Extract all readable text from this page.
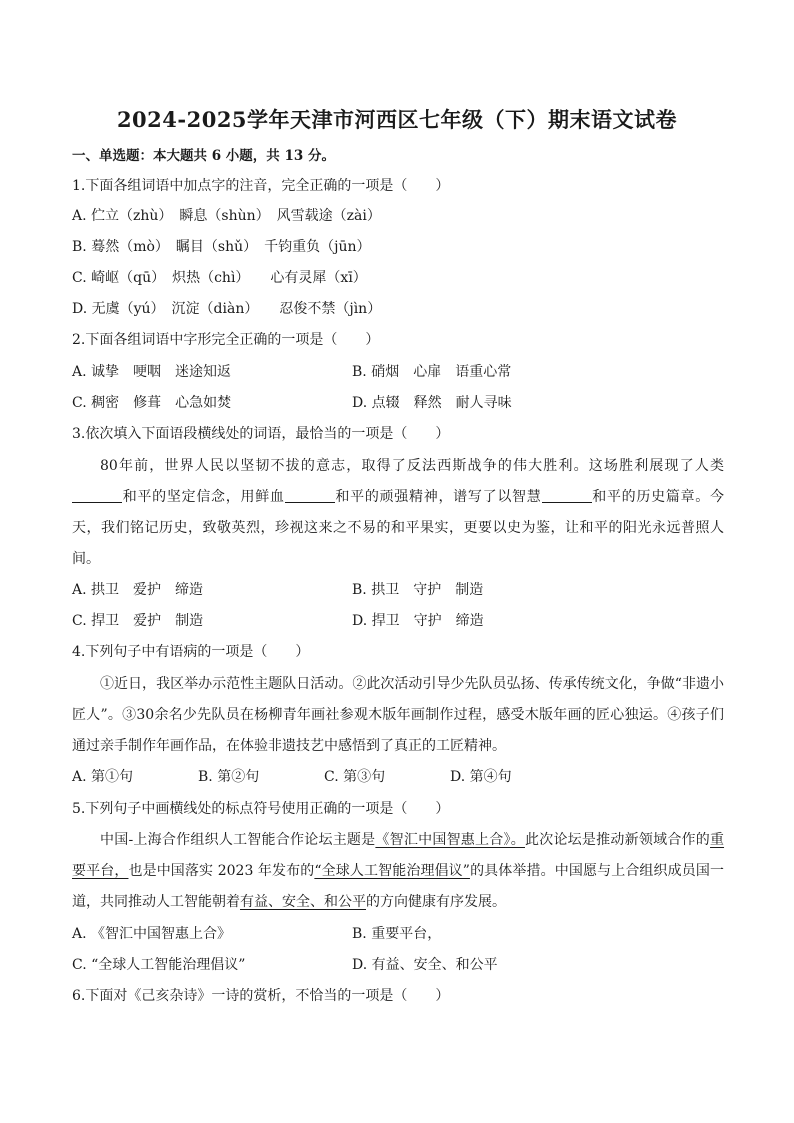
2024-2025学年天津市河西区七年级（下）期末语文试卷
一、单选题：本大题共 6 小题，共 13 分。
1.下面各组词语中加点字的注音，完全正确的一项是（　　）
A. 伫立（zhù）　瞬息（shùn）　风雪载途（zài）
B. 蓦然（mò）　瞩目（shǔ）　千钧重负（jūn）
C. 崎岖（qū）　炽热（chì）　　心有灵犀（xī）
D. 无虞（yú）　沉淀（diàn）　　忍俊不禁（jìn）
2.下面各组词语中字形完全正确的一项是（　　）
A. 诚挚　哽咽　迷途知返	B. 硝烟　心扉　语重心常
C. 稠密　修葺　心急如焚	D. 点辍　释然　耐人寻味
3.依次填入下面语段横线处的词语，最恰当的一项是（　　）
80年前，世界人民以坚韧不拔的意志，取得了反法西斯战争的伟大胜利。这场胜利展现了人类和平的坚定信念，用鲜血	和平的顽强精神，谱写了以智慧	和平的历史篇章。今天，我们铭记历史，致敬英烈，珍视这来之不易的和平果实，更要以史为鉴，让和平的阳光永远普照人间。
A. 拱卫　爱护　缔造	B. 拱卫　守护　制造
C. 捍卫　爱护　制造	D. 捍卫　守护　缔造
4.下列句子中有语病的一项是（　　）
①近日，我区举办示范性主题队日活动。②此次活动引导少先队员弘扬、传承传统文化，争做“非遗小匠人”。③30余名少先队员在杨柳青年画社参观木版年画制作过程，感受木版年画的匠心独运。④孩子们通过亲手制作年画作品，在体验非遗技艺中感悟到了真正的工匠精神。
A. 第①句	B. 第②句	C. 第③句	D. 第④句
5.下列句子中画横线处的标点符号使用正确的一项是（　　）
中国-上海合作组织人工智能合作论坛主题是《智汇中国智惠上合》。此次论坛是推动新领域合作的重要平台，也是中国落实 2023 年发布的“全球人工智能治理倡议”的具体举措。中国愿与上合组织成员国一道，共同推动人工智能朝着有益、安全、和公平的方向健康有序发展。
A. 《智汇中国智惠上合》	B. 重要平台，
C. “全球人工智能治理倡议”	D. 有益、安全、和公平
6.下面对《己亥杂诗》一诗的赏析，不恰当的一项是（　　）
